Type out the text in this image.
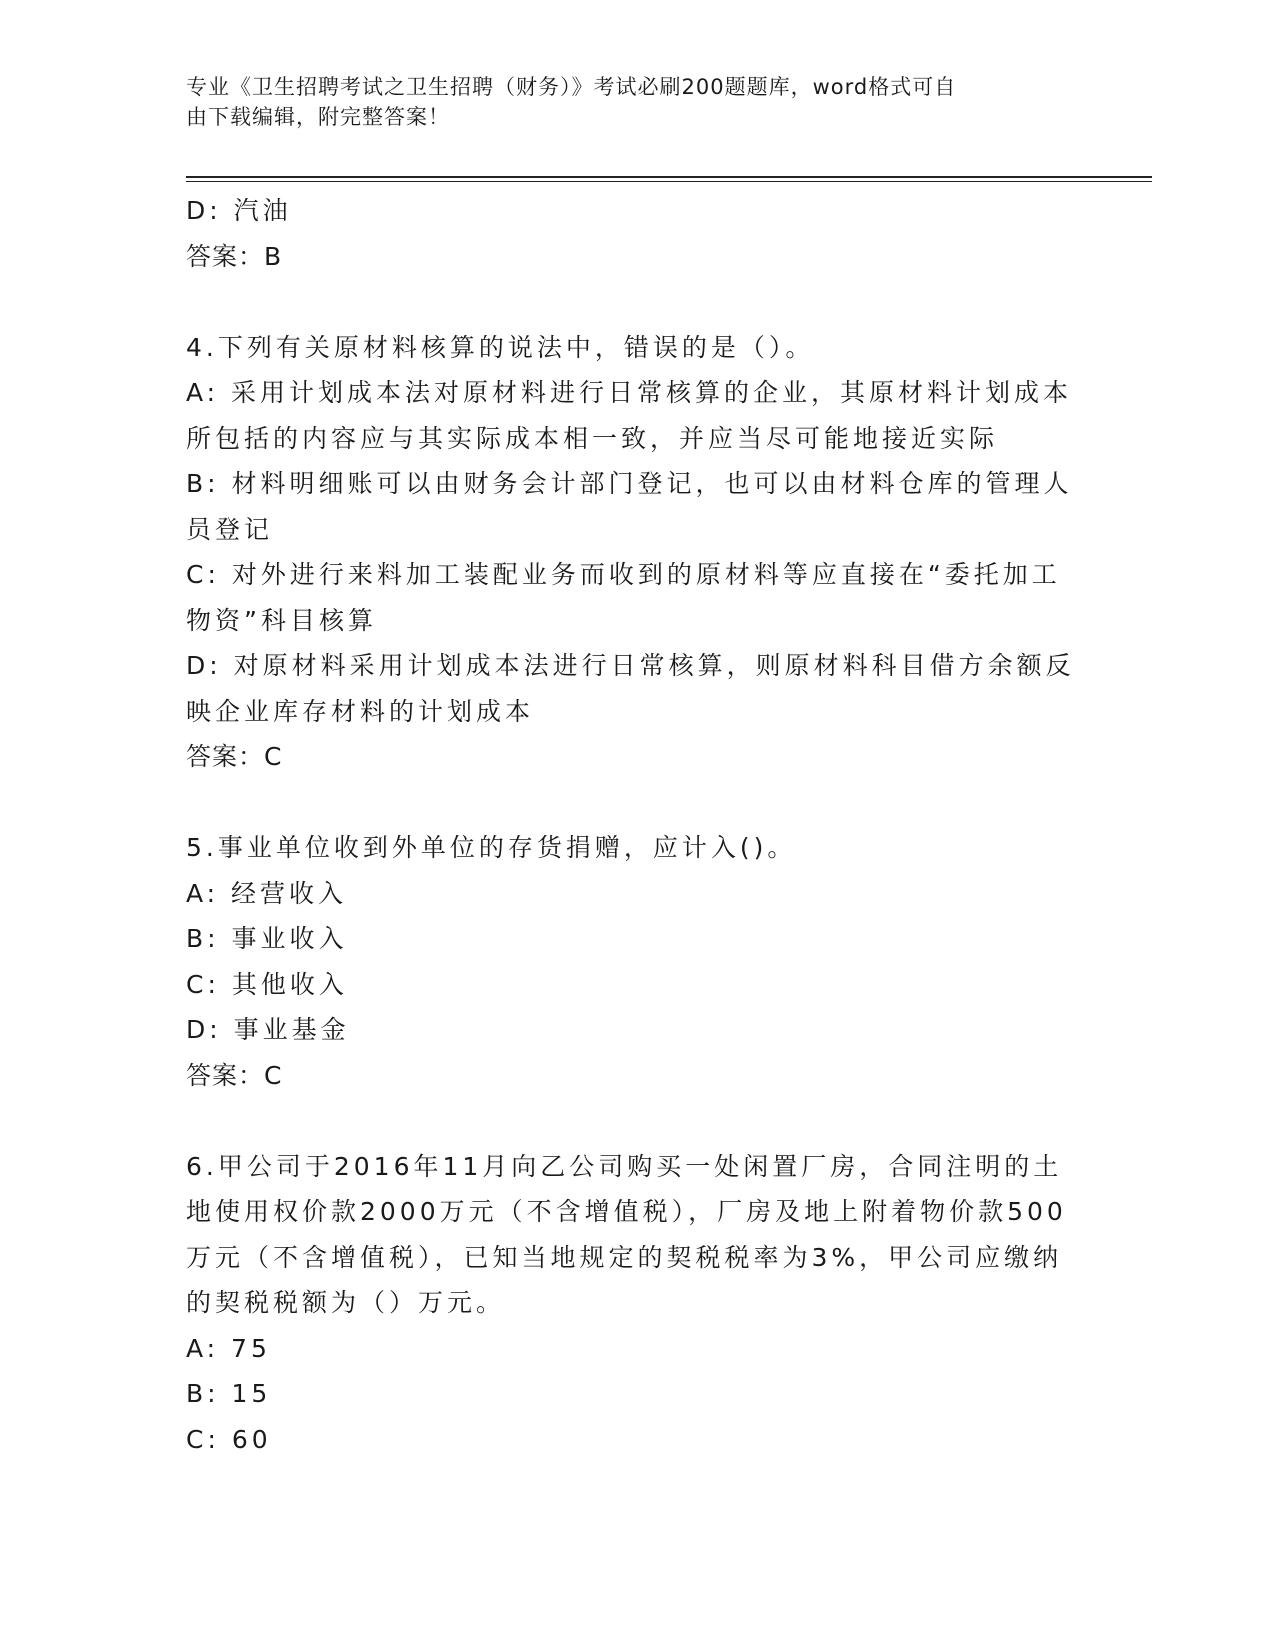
专业《卫生招聘考试之卫生招聘（财务）》考试必刷200题题库，word格式可自
由下载编辑，附完整答案！
D: 汽油
答案：B
4.下列有关原材料核算的说法中，错误的是（）。
A: 采用计划成本法对原材料进行日常核算的企业，其原材料计划成本
所包括的内容应与其实际成本相一致，并应当尽可能地接近实际
B: 材料明细账可以由财务会计部门登记，也可以由材料仓库的管理人
员登记
C: 对外进行来料加工装配业务而收到的原材料等应直接在“委托加工
物资”科目核算
D: 对原材料采用计划成本法进行日常核算，则原材料科目借方余额反
映企业库存材料的计划成本
答案：C
5.事业单位收到外单位的存货捐赠，应计入()。
A: 经营收入
B: 事业收入
C: 其他收入
D: 事业基金
答案：C
6.甲公司于2016年11月向乙公司购买一处闲置厂房，合同注明的土
地使用权价款2000万元（不含增值税），厂房及地上附着物价款500
万元（不含增值税），已知当地规定的契税税率为3%，甲公司应缴纳
的契税税额为（）万元。
A: 75
B: 15
C: 60
